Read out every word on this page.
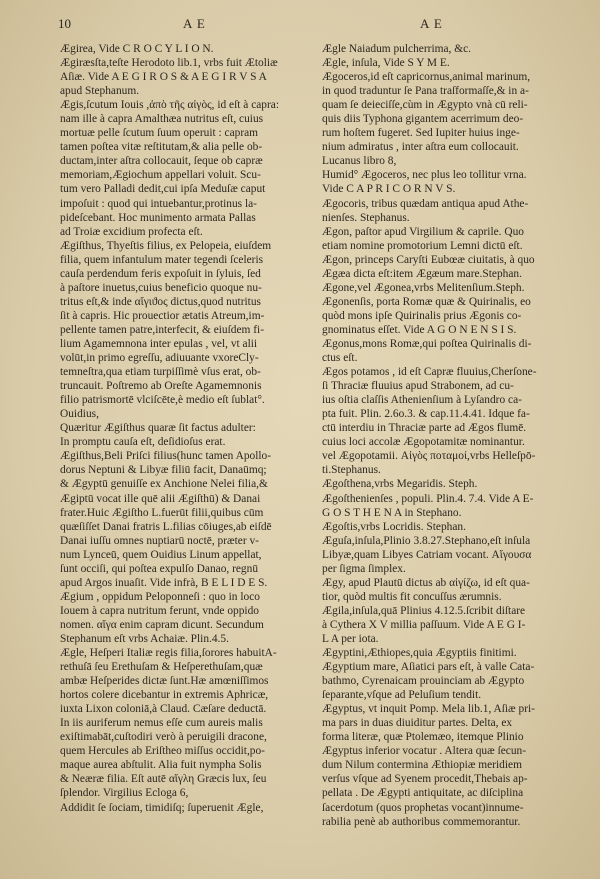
10	A E	A E
Ægirea, Vide C R O C Y L I O N.
Ægiræsſta,teſte Herodoto lib.1, vrbs fuit Ætoliæ
Aſiæ. Vide A E G I R O S & A E G I R V S A
apud Stephanum.
Ægis,ſcutum Iouis ,ἀπὸ τῆς αἰγὸς, id eſt à capra:
nam ille à capra Amalthæa nutritus eſt, cuius
mortuæ pelle ſcutum ſuum operuit : capram
tamen poſtea vitæ reſtitutam,& alia pelle ob-
ductam,inter aſtra collocauit, ſeque ob capræ
memoriam,Ægiochum appellari voluit. Scu-
tum vero Palladi dedit,cui ipſa Meduſæ caput
impoſuit : quod qui intuebantur,protinus la-
pideſcebant. Hoc munimento armata Pallas
ad Troiæ excidium profecta eſt.
Ægiſthus, Thyeſtis filius, ex Pelopeia, eiuſdem
filia, quem infantulum mater tegendi ſceleris
cauſa perdendum feris expoſuit in ſyluis, ſed
à paſtore inuetus,cuius beneficio quoque nu-
tritus eſt,& inde αἴγιϑος dictus,quod nutritus
ſit à capris. Hic prouectior ætatis Atreum,im-
pellente tamen patre,interfecit, & eiuſdem fi-
lium Agamemnona inter epulas , vel, vt alii
volūt,in primo egreſſu, adiuuante vxoreCly-
temneſtra,qua etiam turpiſſimè vſus erat, ob-
truncauit. Poſtremo ab Oreſte Agamemnonis
filio patrismortē vlciſcēte,è medio eſt ſublat°.
Ouidius,
Quæritur Ægiſthus quaræ ſit factus adulter:
In promptu cauſa eſt, deſidioſus erat.
Ægiſthus,Beli Priſci filius(hunc tamen Apollo-
dorus Neptuni & Libyæ filiū facit, Danaūmq;
& Ægyptū genuiſſe ex Anchione Nelei filia,&
Ægiptū vocat ille quē alii Ægiſthū) & Danai
frater.Huic Ægiſtho L.fuerūt filii,quibus cūm
quæſiſſet Danai fratris L.filias cōiuges,ab eiſdē
Danai iuſſu omnes nuptiarū noctē, præter v-
num Lynceū, quem Ouidius Linum appellat,
ſunt occiſi, qui poſtea expulſo Danao, regnū
apud Argos inuaſit. Vide infrà, B E L I D E S.
Ægium , oppidum Peloponneſi : quo in loco
Iouem à capra nutritum ferunt, vnde oppido
nomen. αἴγα enim capram dicunt. Secundum
Stephanum eſt vrbs Achaiæ. Plin.4.5.
Ægle, Heſperi Italiæ regis filia,ſorores habuitA-
rethuſā ſeu Erethuſam & Heſperethuſam,quæ
ambæ Heſperides dictæ ſunt.Hæ amœniſſimos
hortos colere dicebantur in extremis Aphricæ,
iuxta Lixon coloniā,à Claud. Cæſare deductā.
In iis auriferum nemus eſſe cum aureis malis
exiſtimabāt,cuſtodiri verò à peruigili dracone,
quem Hercules ab Eriſtheo miſſus occidit,po-
maque aurea abſtulit. Alia fuit nympha Solis
& Neæræ filia. Eſt autē αἴγλη Græcis lux, ſeu
ſplendor. Virgilius Ecloga 6,
Addidit ſe ſociam, timidiſq; ſuperuenit Ægle,
Ægle Naiadum pulcherrima, &c.
Ægle, inſula, Vide S Y M E.
Ægoceros,id eſt capricornus,animal marinum,
in quod traduntur ſe Pana traſformaſſe,& in a-
quam ſe deieciſſe,cùm in Ægypto vnà cū reli-
quis diis Typhona gigantem acerrimum deo-
rum hoſtem fugeret. Sed Iupiter huius inge-
nium admiratus , inter aſtra eum collocauit.
Lucanus libro 8,
Humid° Ægoceros, nec plus leo tollitur vrna.
Vide C A P R I C O R N V S.
Ægocoris, tribus quædam antiqua apud Athe-
nienſes. Stephanus.
Ægon, paſtor apud Virgilium & caprile. Quo
etiam nomine promotorium Lemni dictū eſt.
Ægon, princeps Caryſti Eubœæ ciuitatis, à quo
Ægæa dicta eſt:item Ægæum mare.Stephan.
Ægone,vel Ægonea,vrbs Melitenſium.Steph.
Ægonenſis, porta Romæ quæ & Quirinalis, eo
quòd mons ipſe Quirinalis prius Ægonis co-
gnominatus eſſet. Vide A G O N E N S I S.
Ægonus,mons Romæ,qui poſtea Quirinalis di-
ctus eſt.
Ægos potamos , id eſt Capræ fluuius,Cherſone-
ſi Thraciæ fluuius apud Strabonem, ad cu-
ius oſtia claſſis Athenienſium à Lyſandro ca-
pta fuit. Plin. 2.6o.3. & cap.11.4.41. Idque fa-
ctū interdiu in Thraciæ parte ad Ægos flumē.
cuius loci accolæ Ægopotamitæ nominantur.
vel Ægopotamii. Αἰγὸς ποταμοί,vrbs Helleſpō-
ti.Stephanus.
Ægoſthena,vrbs Megaridis. Steph.
Ægoſthenienſes , populi. Plin.4. 7.4. Vide A E-
G O S T H E N A in Stephano.
Ægoſtis,vrbs Locridis. Stephan.
Æguſa,inſula,Plinio 3.8.27.Stephano,eſt inſula
Libyæ,quam Libyes Catriam vocant. Αἴγουσα
per ſigma ſimplex.
Ægy, apud Plautū dictus ab αἰγίζω, id eſt qua-
tior, quòd multis fit concuſſus ærumnis.
Ægila,inſula,quā Plinius 4.12.5.ſcribit diſtare
à Cythera X V millia paſſuum. Vide A E G I-
L A per iota.
Ægyptini,Æthiopes,quia Ægyptiis finitimi.
Ægyptium mare, Aſiatici pars eſt, à valle Cata-
bathmo, Cyrenaicam prouinciam ab Ægypto
ſeparante,vſque ad Peluſium tendit.
Ægyptus, vt inquit Pomp. Mela lib.1, Aſiæ pri-
ma pars in duas diuiditur partes. Delta, ex
forma literæ, quæ Ptolemæo, itemque Plinio
Ægyptus inferior vocatur . Altera quæ ſecun-
dum Nilum contermina Æthiopiæ meridiem
verſus vſque ad Syenem procedit,Thebais ap-
pellata . De Ægypti antiquitate, ac diſciplina
ſacerdotum (quos prophetas vocant)innume-
rabilia penè ab authoribus commemorantur.
